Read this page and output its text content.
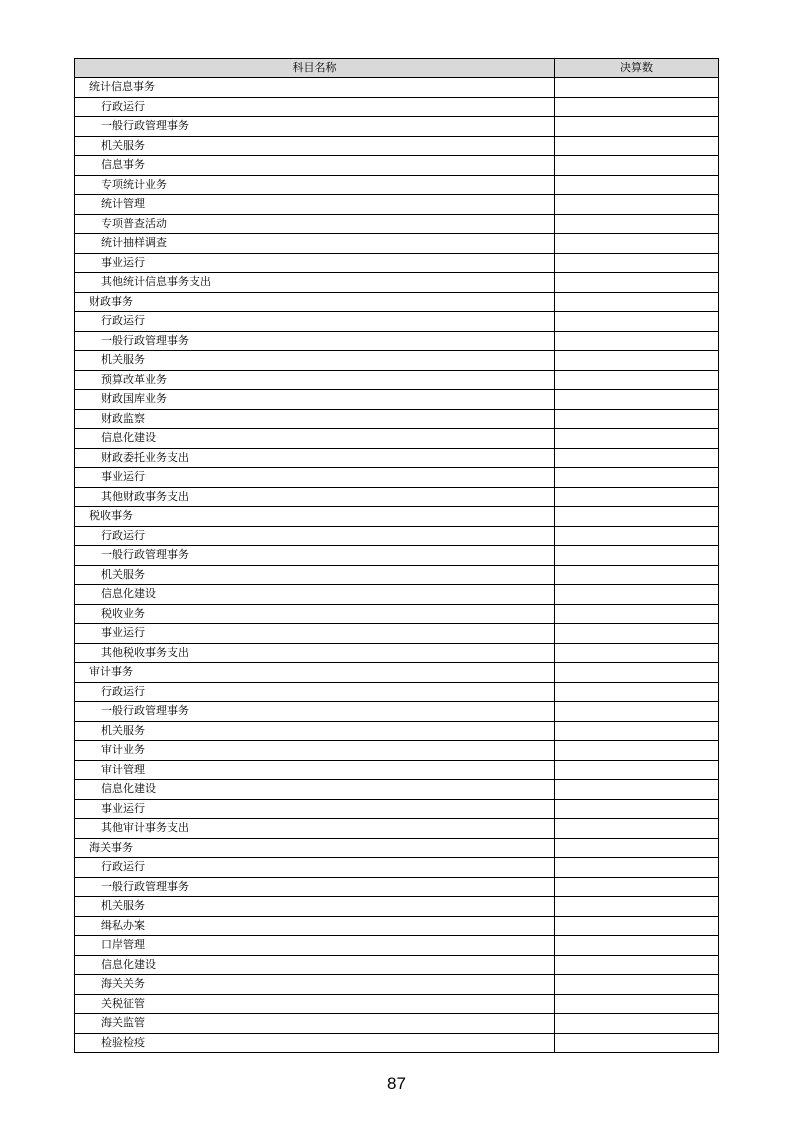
科目名称	决算数
统计信息事务	
行政运行	
一般行政管理事务	
机关服务	
信息事务	
专项统计业务	
统计管理	
专项普查活动	
统计抽样调查	
事业运行	
其他统计信息事务支出	
财政事务	
行政运行	
一般行政管理事务	
机关服务	
预算改革业务	
财政国库业务	
财政监察	
信息化建设	
财政委托业务支出	
事业运行	
其他财政事务支出	
税收事务	
行政运行	
一般行政管理事务	
机关服务	
信息化建设	
税收业务	
事业运行	
其他税收事务支出	
审计事务	
行政运行	
一般行政管理事务	
机关服务	
审计业务	
审计管理	
信息化建设	
事业运行	
其他审计事务支出	
海关事务	
行政运行	
一般行政管理事务	
机关服务	
缉私办案	
口岸管理	
信息化建设	
海关关务	
关税征管	
海关监管	
检验检疫	
87
